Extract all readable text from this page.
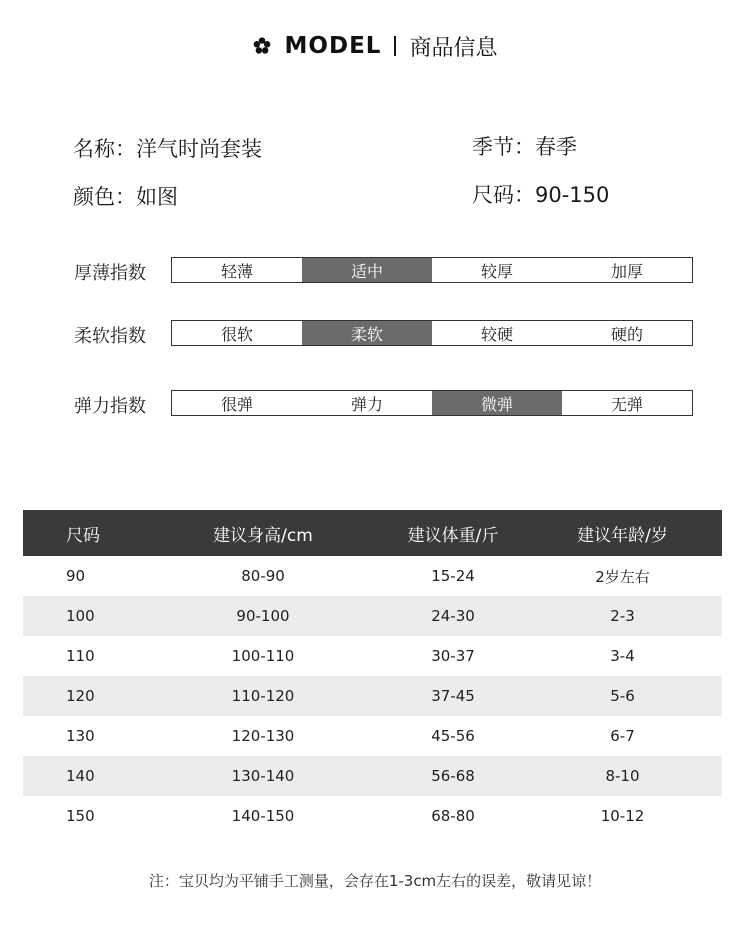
MODEL 商品信息
名称：洋气时尚套装	季节：春季
颜色：如图	尺码：90-150
厚薄指数	轻薄	适中	较厚	加厚
柔软指数	很软	柔软	较硬	硬的
弹力指数	很弹	弹力	微弹	无弹
尺码	建议身高/cm	建议体重/斤	建议年龄/岁
90	80-90	15-24	2岁左右
100	90-100	24-30	2-3
110	100-110	30-37	3-4
120	110-120	37-45	5-6
130	120-130	45-56	6-7
140	130-140	56-68	8-10
150	140-150	68-80	10-12
注：宝贝均为平铺手工测量，会存在1-3cm左右的误差，敬请见谅！
